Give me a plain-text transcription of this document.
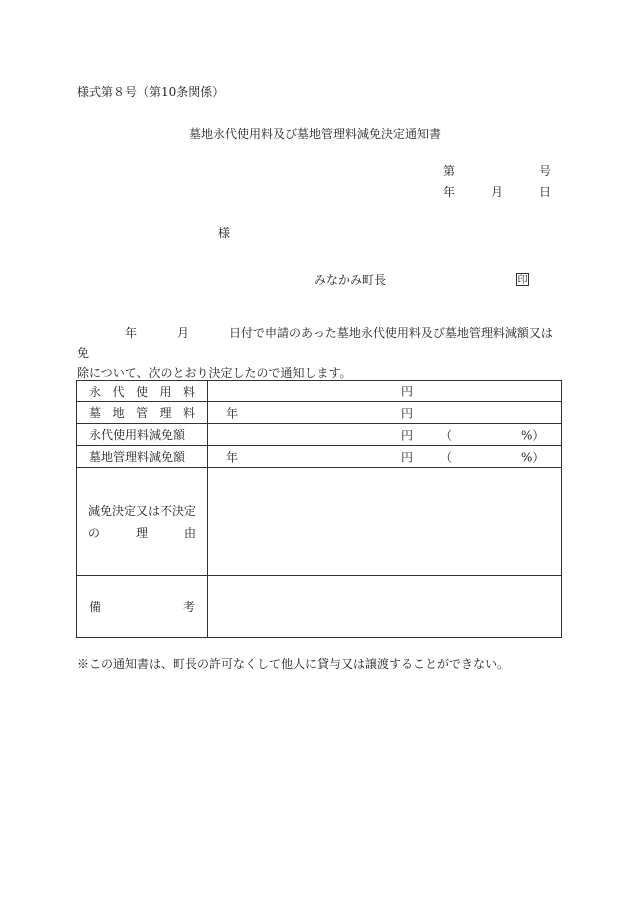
様式第８号（第10条関係）
墓地永代使用料及び墓地管理料減免決定通知書
第	号
年	月	日
様
みなかみ町長	印
年	月	日付で申請のあった墓地永代使用料及び墓地管理料減額又は免
除について、次のとおり決定したので通知します。
永 代 使 用 料	円

墓 地 管 理 料	年 円

永代使用料減免額	円 （ %）

墓地管理料減免額	年 円 （ %）

減免決定又は不決定
の 理 由	

備 考	

※この通知書は、町長の許可なくして他人に貸与又は譲渡することができない。
